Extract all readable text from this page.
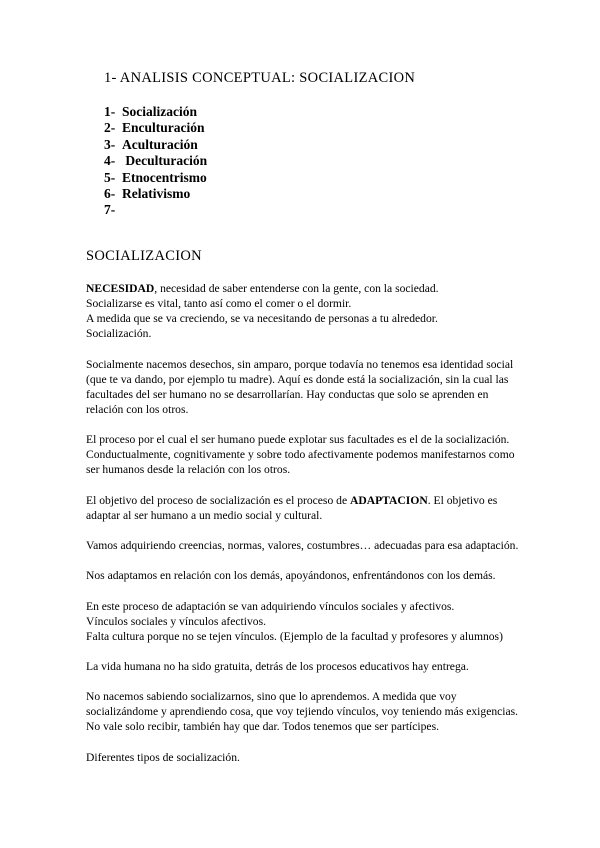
1- ANALISIS CONCEPTUAL: SOCIALIZACION
1- Socialización
2- Enculturación
3- Aculturación
4- Deculturación
5- Etnocentrismo
6- Relativismo
7-
SOCIALIZACION

NECESIDAD, necesidad de saber entenderse con la gente, con la sociedad.
Socializarse es vital, tanto así como el comer o el dormir.
A medida que se va creciendo, se va necesitando de personas a tu alrededor.
Socialización.

Socialmente nacemos desechos, sin amparo, porque todavía no tenemos esa identidad social (que te va dando, por ejemplo tu madre). Aquí es donde está la socialización, sin la cual las facultades del ser humano no se desarrollarían. Hay conductas que solo se aprenden en relación con los otros.

El proceso por el cual el ser humano puede explotar sus facultades es el de la socialización.
Conductualmente, cognitivamente y sobre todo afectivamente podemos manifestarnos como ser humanos desde la relación con los otros.

El objetivo del proceso de socialización es el proceso de ADAPTACION. El objetivo es adaptar al ser humano a un medio social y cultural.

Vamos adquiriendo creencias, normas, valores, costumbres… adecuadas para esa adaptación.

Nos adaptamos en relación con los demás, apoyándonos, enfrentándonos con los demás.

En este proceso de adaptación se van adquiriendo vínculos sociales y afectivos.
Vínculos sociales y vínculos afectivos.
Falta cultura porque no se tejen vínculos. (Ejemplo de la facultad y profesores y alumnos)

La vida humana no ha sido gratuita, detrás de los procesos educativos hay entrega.

No nacemos sabiendo socializarnos, sino que lo aprendemos. A medida que voy socializándome y aprendiendo cosa, que voy tejiendo vínculos, voy teniendo más exigencias. No vale solo recibir, también hay que dar. Todos tenemos que ser partícipes.

Diferentes tipos de socialización.
